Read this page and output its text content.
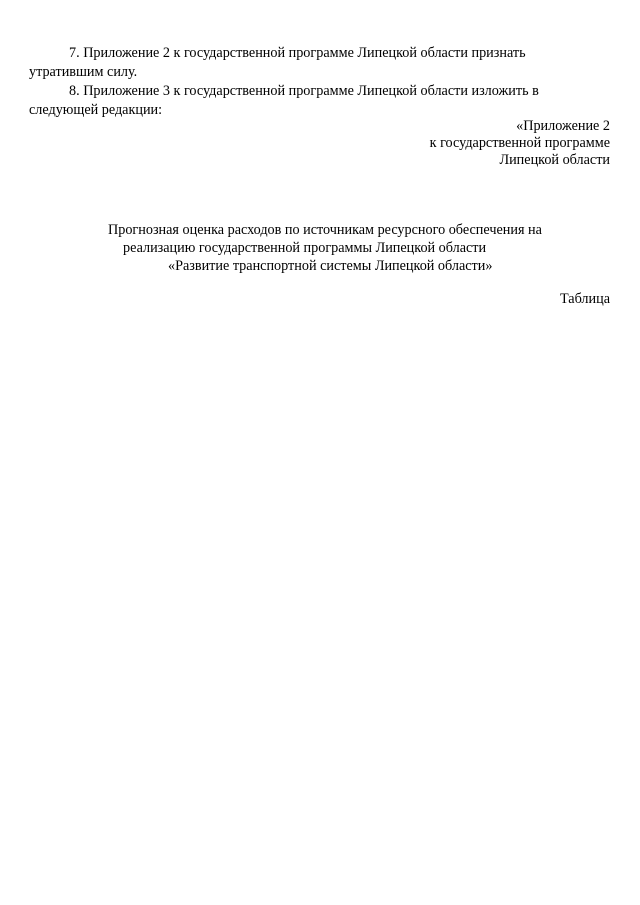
7. Приложение 2 к государственной программе Липецкой области признать
утратившим силу.
8. Приложение 3 к государственной программе Липецкой области изложить в
следующей редакции:
«Приложение 2
к государственной программе
Липецкой области
Прогнозная оценка расходов по источникам ресурсного обеспечения на
реализацию государственной программы Липецкой области
«Развитие транспортной системы Липецкой области»
Таблица
